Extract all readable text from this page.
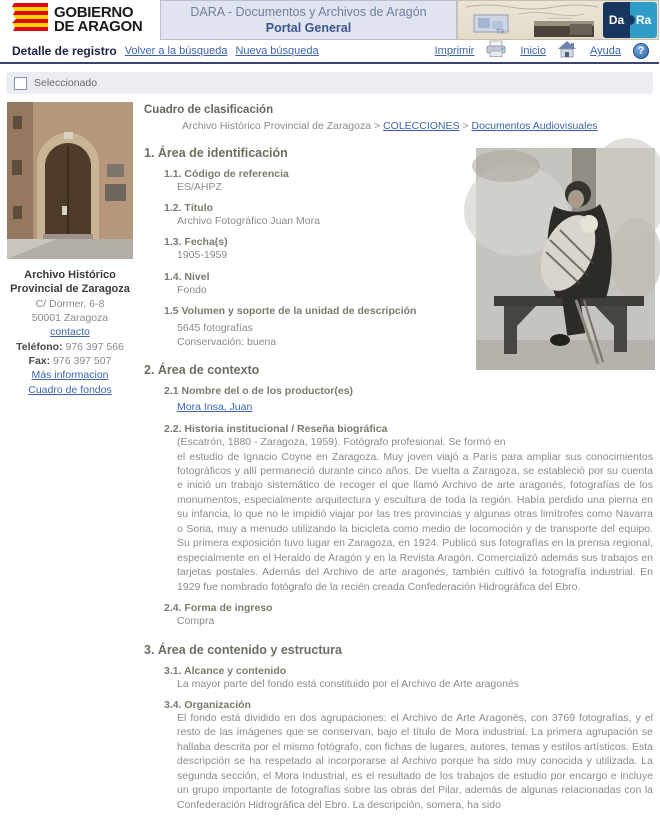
GOBIERNO
DE ARAGON
DARA - Documentos y Archivos de Aragón
Portal General	TX
Da Ra
Detalle de registro Volver a la búsqueda Nueva búsqueda	Imprimir	Inicio	Ayuda	?
Seleccionado
Archivo Histórico Provincial de Zaragoza
C/ Dormer, 6-8
50001 Zaragoza
contacto
Teléfono: 976 397 566
Fax: 976 397 507
Más informacion
Cuadro de fondos
Cuadro de clasificación
Archivo Histórico Provincial de Zaragoza > COLECCIONES > Documentos Audiovisuales
1. Área de identificación
1.1. Código de referencia
ES/AHPZ
1.2. Título
Archivo Fotográfico Juan Mora
1.3. Fecha(s)
1905-1959
1.4. Nivel
Fondo
1.5 Volumen y soporte de la unidad de descripción
5645 fotografías
Conservación: buena
2. Área de contexto
2.1 Nombre del o de los productor(es)
Mora Insa, Juan
2.2. Historia institucional / Reseña biográfica
(Escatrón, 1880 - Zaragoza, 1959). Fotógrafo profesional. Se formó en
el estudio de Ignacio Coyne en Zaragoza. Muy joven viajó a París para ampliar sus conocimientos fotográficos y allí permaneció durante cinco años. De vuelta a Zaragoza, se estableció por su cuenta e inició un trabajo sistemático de recoger el que llamó Archivo de arte aragonés, fotografías de los monumentos, especialmente arquitectura y escultura de toda la región. Había perdido una pierna en su infancia, lo que no le impidió viajar por las tres provincias y algunas otras limítrofes como Navarra o Soria, muy a menudo utilizando la bicicleta como medio de locomoción y de transporte del equipo. Su primera exposición tuvo lugar en Zaragoza, en 1924. Publicó sus fotografías en la prensa regional, especialmente en el Heraldo de Aragón y en la Revista Aragón. Comercializó además sus trabajos en tarjetas postales. Además del Archivo de arte aragonés, también cultivó la fotografía industrial. En 1929 fue nombrado fotógrafo de la recién creada Confederación Hidrográfica del Ebro.
2.4. Forma de ingreso
Compra
3. Área de contenido y estructura
3.1. Alcance y contenido
La mayor parte del fondo está constituido por el Archivo de Arte aragonés
3.4. Organización
El fondo está dividido en dos agrupaciones: el Archivo de Arte Aragonés, con 3769 fotografías, y el resto de las imágenes que se conservan, bajo el título de Mora industrial. La primera agrupación se hallaba descrita por el mismo fotógrafo, con fichas de lugares, autores, temas y estilos artísticos. Esta descripción se ha respetado al incorporarse al Archivo porque ha sido muy conocida y utilizada. La segunda sección, el Mora Industrial, es el resultado de los trabajos de estudio por encargo e incluye un grupo importante de fotografías sobre las obras del Pilar, además de algunas relacionadas con la Confederación Hidrográfica del Ebro. La descripción, somera, ha sido
